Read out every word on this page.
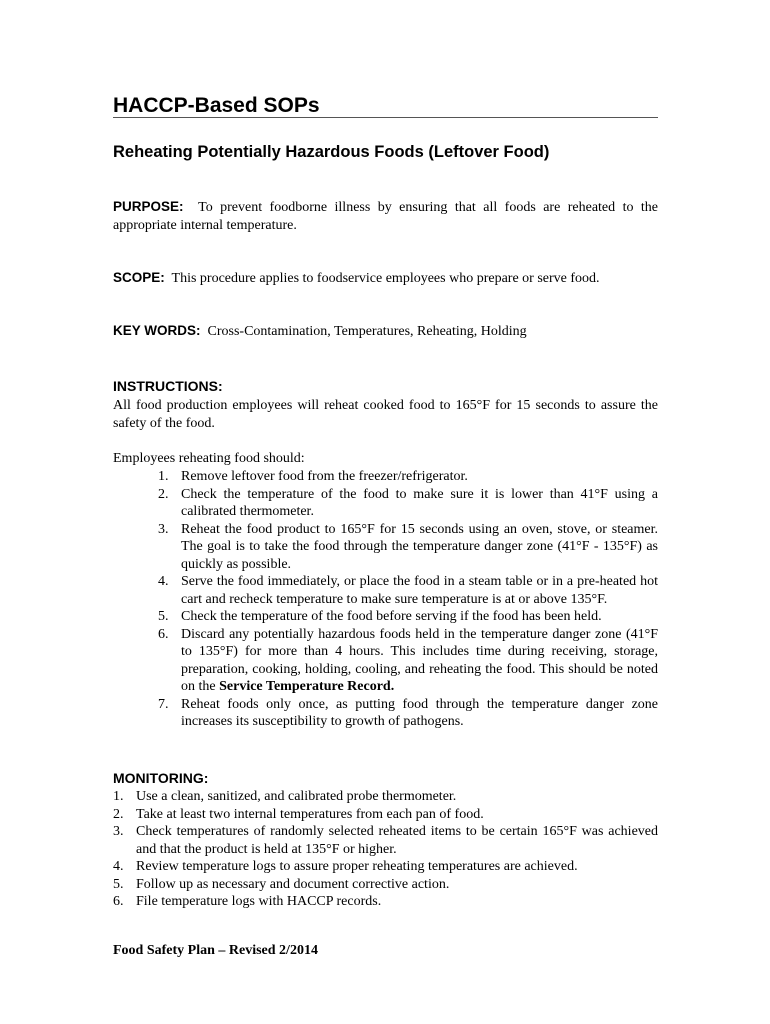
HACCP-Based SOPs
Reheating Potentially Hazardous Foods (Leftover Food)

PURPOSE: To prevent foodborne illness by ensuring that all foods are reheated to the appropriate internal temperature.

SCOPE: This procedure applies to foodservice employees who prepare or serve food.

KEY WORDS: Cross-Contamination, Temperatures, Reheating, Holding

INSTRUCTIONS:

All food production employees will reheat cooked food to 165°F for 15 seconds to assure the safety of the food.

Employees reheating food should:

1. Remove leftover food from the freezer/refrigerator.
2. Check the temperature of the food to make sure it is lower than 41°F using a calibrated thermometer.
3. Reheat the food product to 165°F for 15 seconds using an oven, stove, or steamer. The goal is to take the food through the temperature danger zone (41°F - 135°F) as quickly as possible.
4. Serve the food immediately, or place the food in a steam table or in a pre-heated hot cart and recheck temperature to make sure temperature is at or above 135°F.
5. Check the temperature of the food before serving if the food has been held.
6. Discard any potentially hazardous foods held in the temperature danger zone (41°F to 135°F) for more than 4 hours. This includes time during receiving, storage, preparation, cooking, holding, cooling, and reheating the food. This should be noted on the Service Temperature Record.
7. Reheat foods only once, as putting food through the temperature danger zone increases its susceptibility to growth of pathogens.
MONITORING:
1. Use a clean, sanitized, and calibrated probe thermometer.
2. Take at least two internal temperatures from each pan of food.
3. Check temperatures of randomly selected reheated items to be certain 165°F was achieved and that the product is held at 135°F or higher.
4. Review temperature logs to assure proper reheating temperatures are achieved.
5. Follow up as necessary and document corrective action.
6. File temperature logs with HACCP records.

Food Safety Plan – Revised 2/2014
